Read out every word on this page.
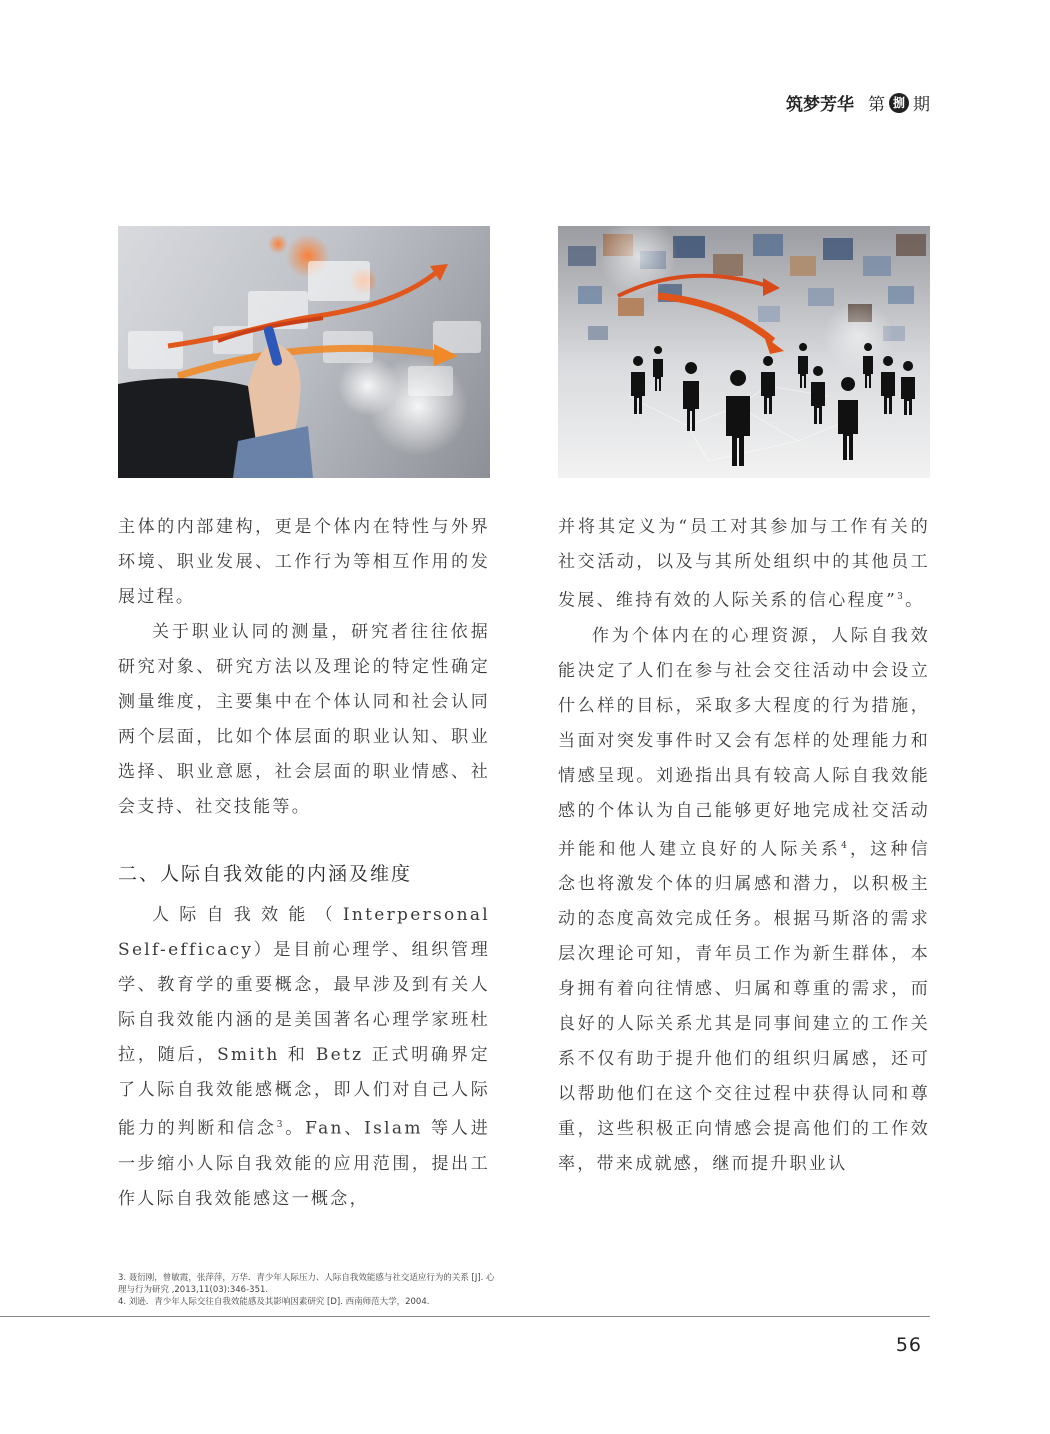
筑梦芳华 第 捌 期

主体的内部建构，更是个体内在特性与外界环境、职业发展、工作行为等相互作用的发展过程。

关于职业认同的测量，研究者往往依据研究对象、研究方法以及理论的特定性确定测量维度，主要集中在个体认同和社会认同两个层面，比如个体层面的职业认知、职业选择、职业意愿，社会层面的职业情感、社会支持、社交技能等。

二、人际自我效能的内涵及维度

人际自我效能（Interpersonal Self-efficacy）是目前心理学、组织管理学、教育学的重要概念，最早涉及到有关人际自我效能内涵的是美国著名心理学家班杜拉，随后，Smith 和 Betz 正式明确界定了人际自我效能感概念，即人们对自己人际能力的判断和信念$^3$。Fan、Islam 等人进一步缩小人际自我效能的应用范围，提出工作人际自我效能感这一概念，

并将其定义为“员工对其参加与工作有关的社交活动，以及与其所处组织中的其他员工发展、维持有效的人际关系的信心程度”$^3$。

作为个体内在的心理资源，人际自我效能决定了人们在参与社会交往活动中会设立什么样的目标，采取多大程度的行为措施，当面对突发事件时又会有怎样的处理能力和情感呈现。刘逊指出具有较高人际自我效能感的个体认为自己能够更好地完成社交活动并能和他人建立良好的人际关系$^4$，这种信念也将激发个体的归属感和潜力，以积极主动的态度高效完成任务。根据马斯洛的需求层次理论可知，青年员工作为新生群体，本身拥有着向往情感、归属和尊重的需求，而良好的人际关系尤其是同事间建立的工作关系不仅有助于提升他们的组织归属感，还可以帮助他们在这个交往过程中获得认同和尊重，这些积极正向情感会提高他们的工作效率，带来成就感，继而提升职业认

3. 聂衍刚，曾敏霞，张萍萍，万华．青少年人际压力、人际自我效能感与社交适应行为的关系 [J]. 心理与行为研究 ,2013,11(03):346-351.

4. 刘逊．青少年人际交往自我效能感及其影响因素研究 [D]. 西南师范大学，2004.

56
